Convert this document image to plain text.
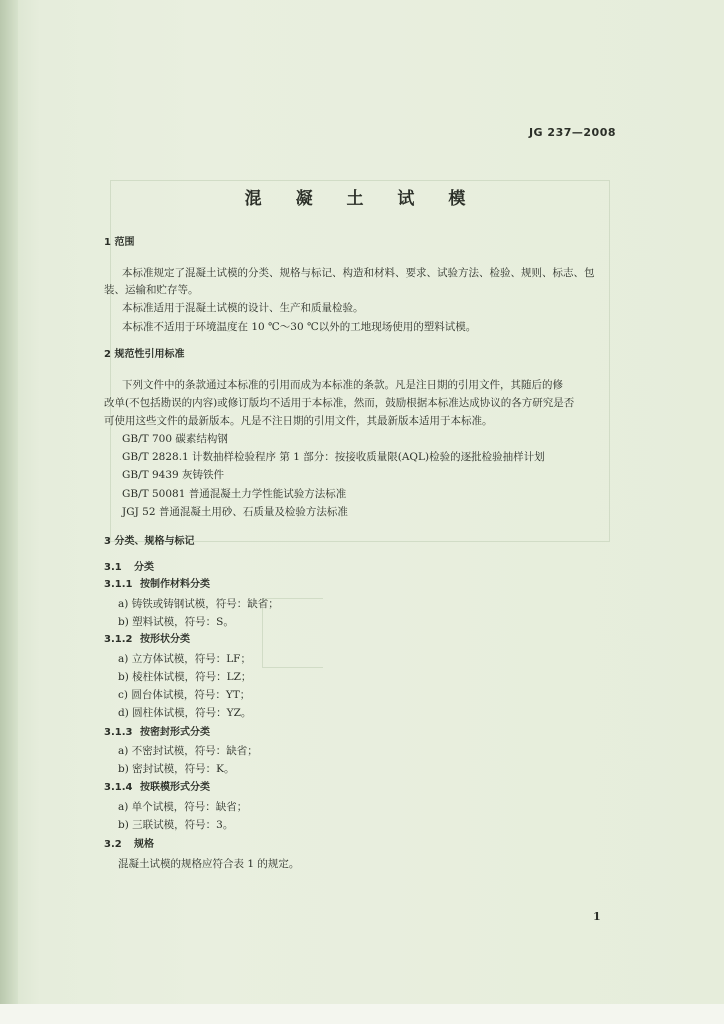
JG 237—2008
混 凝 土 试 模
1 范围
本标准规定了混凝土试模的分类、规格与标记、构造和材料、要求、试验方法、检验、规则、标志、包
装、运输和贮存等。
本标准适用于混凝土试模的设计、生产和质量检验。
本标准不适用于环境温度在 10 ℃～30 ℃以外的工地现场使用的塑料试模。
2 规范性引用标准
下列文件中的条款通过本标准的引用而成为本标准的条款。凡是注日期的引用文件，其随后的修
改单(不包括勘误的内容)或修订版均不适用于本标准，然而，鼓励根据本标准达成协议的各方研究是否
可使用这些文件的最新版本。凡是不注日期的引用文件，其最新版本适用于本标准。
GB/T 700 碳素结构钢
GB/T 2828.1 计数抽样检验程序 第 1 部分：按接收质量限(AQL)检验的逐批检验抽样计划
GB/T 9439 灰铸铁件
GB/T 50081 普通混凝土力学性能试验方法标准
JGJ 52 普通混凝土用砂、石质量及检验方法标准
3 分类、规格与标记
3.1 分类
3.1.1 按制作材料分类
a) 铸铁或铸钢试模，符号：缺省；
b) 塑料试模，符号：S。
3.1.2 按形状分类
a) 立方体试模，符号：LF；
b) 棱柱体试模，符号：LZ；
c) 圆台体试模，符号：YT；
d) 圆柱体试模，符号：YZ。
3.1.3 按密封形式分类
a) 不密封试模，符号：缺省；
b) 密封试模，符号：K。
3.1.4 按联模形式分类
a) 单个试模，符号：缺省；
b) 三联试模，符号：3。
3.2 规格
混凝土试模的规格应符合表 1 的规定。
1
